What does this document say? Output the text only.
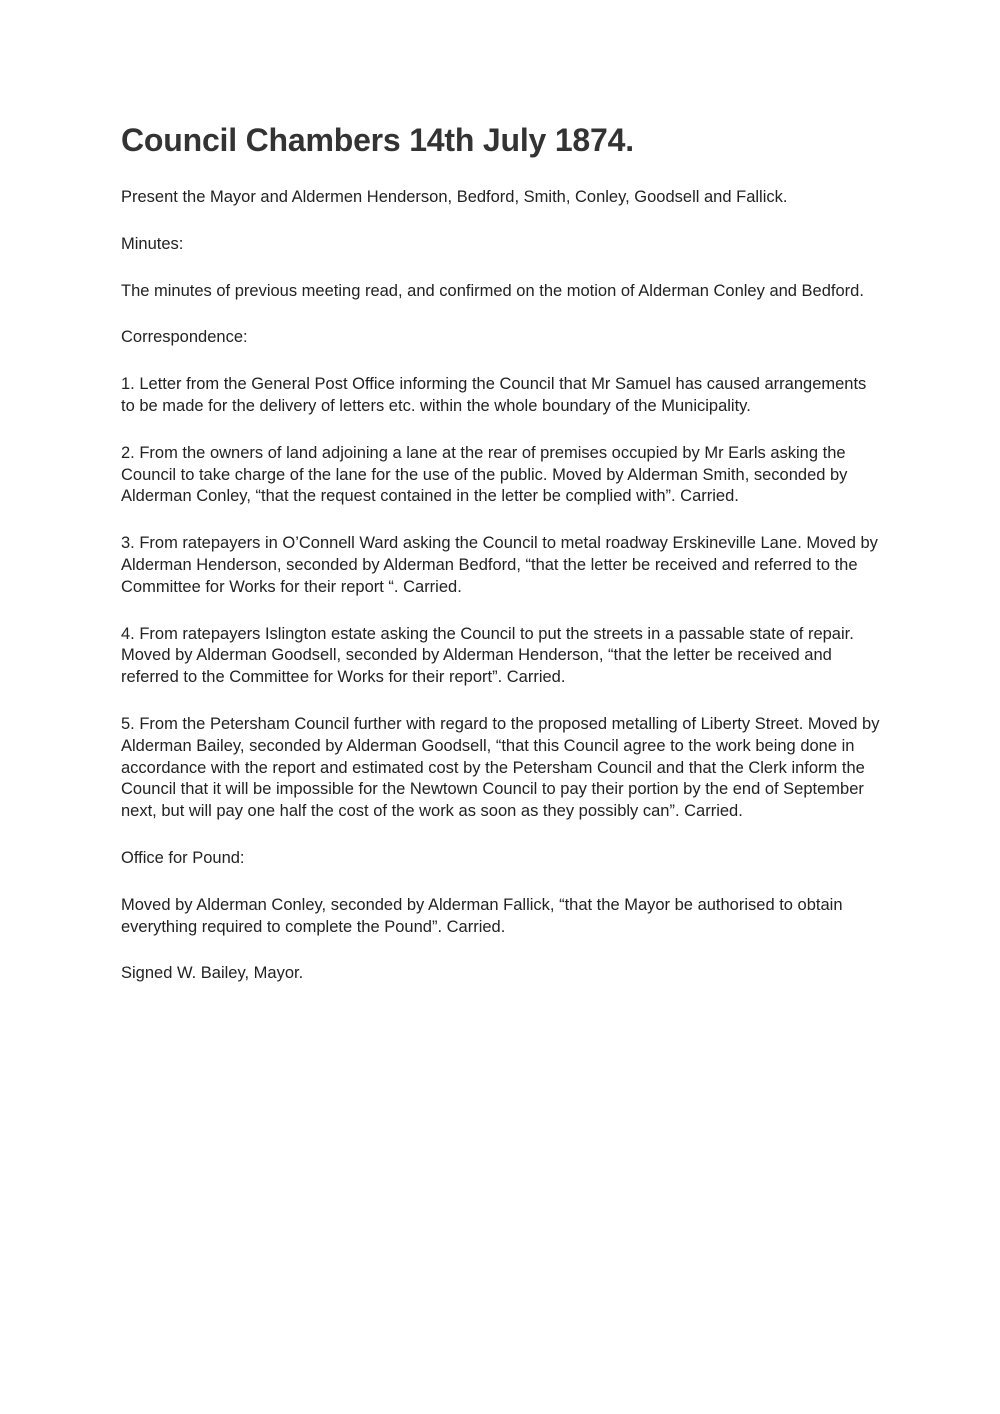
Council Chambers 14th July 1874.

Present the Mayor and Aldermen Henderson, Bedford, Smith, Conley, Goodsell and Fallick.

Minutes:

The minutes of previous meeting read, and confirmed on the motion of Alderman Conley and Bedford.

Correspondence:

1. Letter from the General Post Office informing the Council that Mr Samuel has caused arrangements to be made for the delivery of letters etc. within the whole boundary of the Municipality.

2. From the owners of land adjoining a lane at the rear of premises occupied by Mr Earls asking the Council to take charge of the lane for the use of the public. Moved by Alderman Smith, seconded by Alderman Conley, “that the request contained in the letter be complied with”. Carried.

3. From ratepayers in O’Connell Ward asking the Council to metal roadway Erskineville Lane. Moved by Alderman Henderson, seconded by Alderman Bedford, “that the letter be received and referred to the Committee for Works for their report “. Carried.

4. From ratepayers Islington estate asking the Council to put the streets in a passable state of repair. Moved by Alderman Goodsell, seconded by Alderman Henderson, “that the letter be received and referred to the Committee for Works for their report”. Carried.

5. From the Petersham Council further with regard to the proposed metalling of Liberty Street. Moved by Alderman Bailey, seconded by Alderman Goodsell, “that this Council agree to the work being done in accordance with the report and estimated cost by the Petersham Council and that the Clerk inform the Council that it will be impossible for the Newtown Council to pay their portion by the end of September next, but will pay one half the cost of the work as soon as they possibly can”. Carried.

Office for Pound:

Moved by Alderman Conley, seconded by Alderman Fallick, “that the Mayor be authorised to obtain everything required to complete the Pound”. Carried.

Signed W. Bailey, Mayor.
